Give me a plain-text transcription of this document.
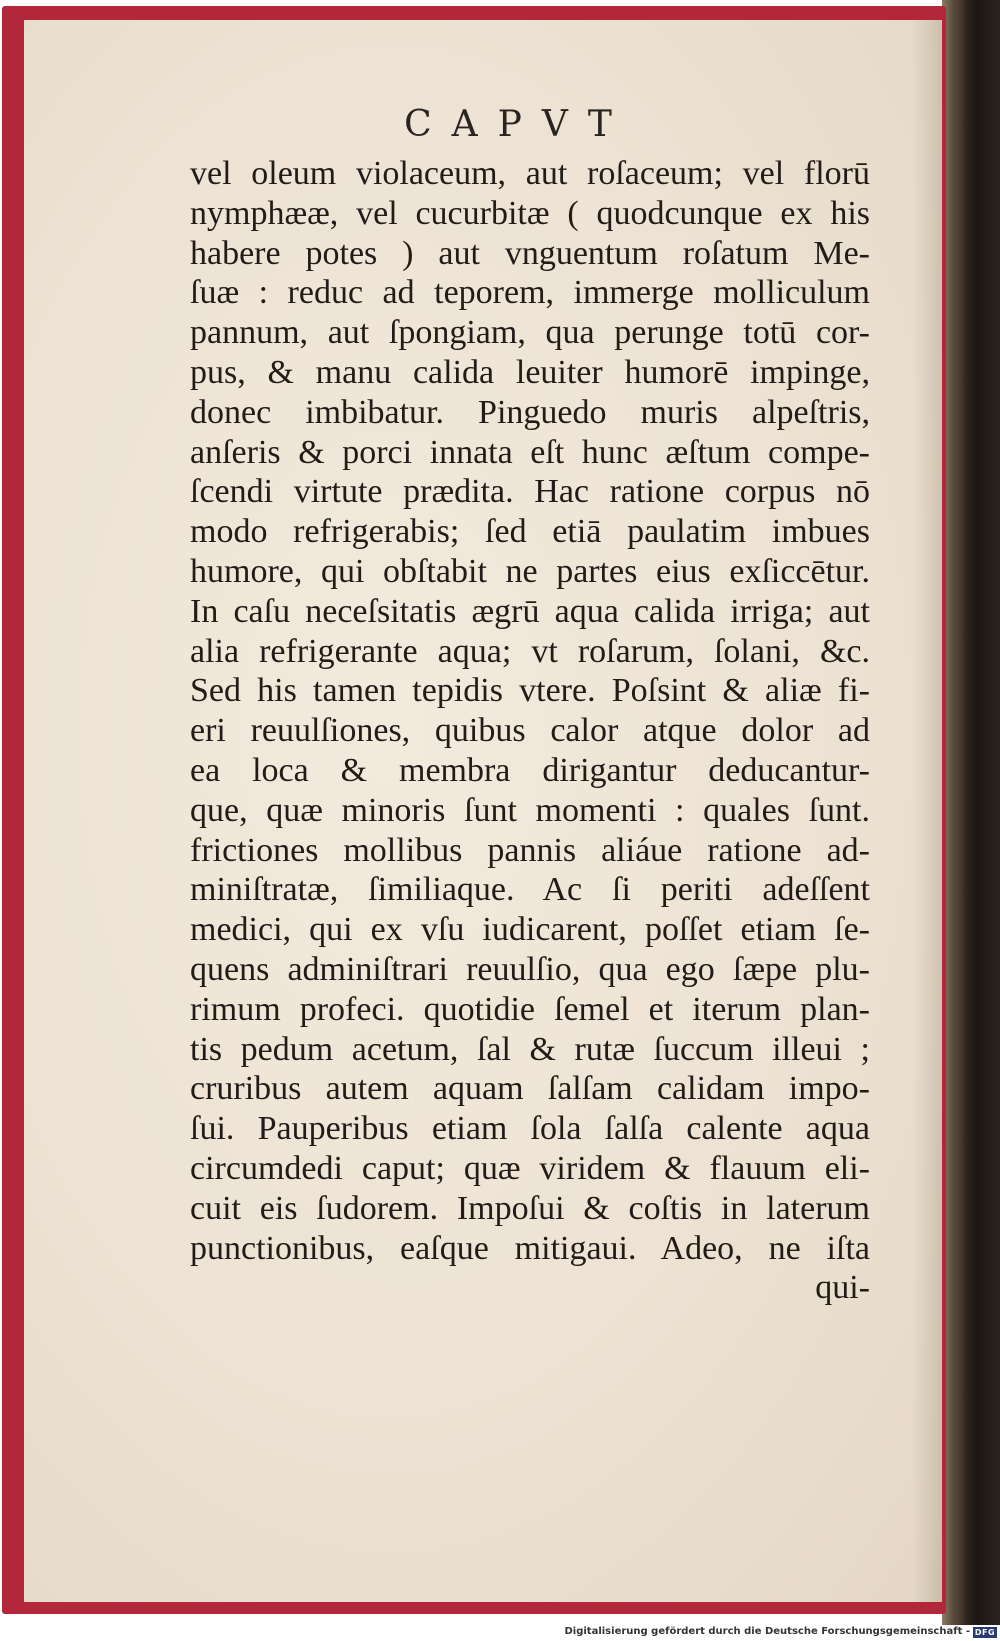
CAPVT
vel oleum violaceum, aut roſaceum; vel florū
nymphææ, vel cucurbitæ ( quodcunque ex his
habere potes ) aut vnguentum roſatum Me-
ſuæ : reduc ad teporem, immerge molliculum
pannum, aut ſpongiam, qua perunge totū cor-
pus, & manu calida leuiter humorē impinge,
donec imbibatur. Pinguedo muris alpeſtris,
anſeris & porci innata eſt hunc æſtum compe-
ſcendi virtute prædita. Hac ratione corpus nō
modo refrigerabis; ſed etiā paulatim imbues
humore, qui obſtabit ne partes eius exſiccētur.
In caſu neceſsitatis ægrū aqua calida irriga; aut
alia refrigerante aqua; vt roſarum, ſolani, &c.
Sed his tamen tepidis vtere. Poſsint & aliæ fi-
eri reuulſiones, quibus calor atque dolor ad
ea loca & membra dirigantur deducantur-
que, quæ minoris ſunt momenti : quales ſunt.
frictiones mollibus pannis aliáue ratione ad-
miniſtratæ, ſimiliaque. Ac ſi periti adeſſent
medici, qui ex vſu iudicarent, poſſet etiam ſe-
quens adminiſtrari reuulſio, qua ego ſæpe plu-
rimum profeci. quotidie ſemel et iterum plan-
tis pedum acetum, ſal & rutæ ſuccum illeui ;
cruribus autem aquam ſalſam calidam impo-
ſui. Pauperibus etiam ſola ſalſa calente aqua
circumdedi caput; quæ viridem & flauum eli-
cuit eis ſudorem. Impoſui & coſtis in laterum
punctionibus, eaſque mitigaui. Adeo, ne iſta
qui-
Digitalisierung gefördert durch die Deutsche Forschungsgemeinschaft - DFG
